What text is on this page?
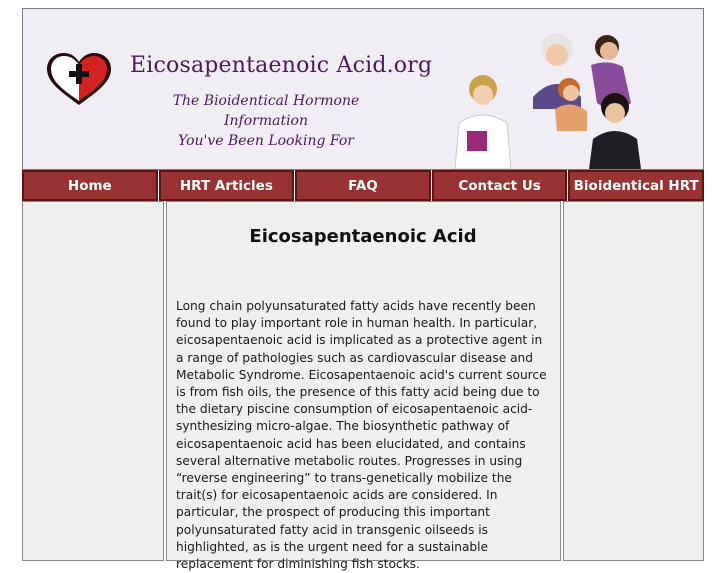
Eicosapentaenoic Acid.org
The Bioidentical Hormone Information
You've Been Looking For
Home	HRT Articles	FAQ	Contact Us	Bioidentical HRT
Eicosapentaenoic Acid

Long chain polyunsaturated fatty acids have recently been found to play important role in human health. In particular, eicosapentaenoic acid is implicated as a protective agent in a range of pathologies such as cardiovascular disease and Metabolic Syndrome. Eicosapentaenoic acid's current source is from fish oils, the presence of this fatty acid being due to the dietary piscine consumption of eicosapentaenoic acid-synthesizing micro-algae. The biosynthetic pathway of eicosapentaenoic acid has been elucidated, and contains several alternative metabolic routes. Progresses in using “reverse engineering” to trans-genetically mobilize the trait(s) for eicosapentaenoic acids are considered. In particular, the prospect of producing this important polyunsaturated fatty acid in transgenic oilseeds is highlighted, as is the urgent need for a sustainable replacement for diminishing fish stocks.
